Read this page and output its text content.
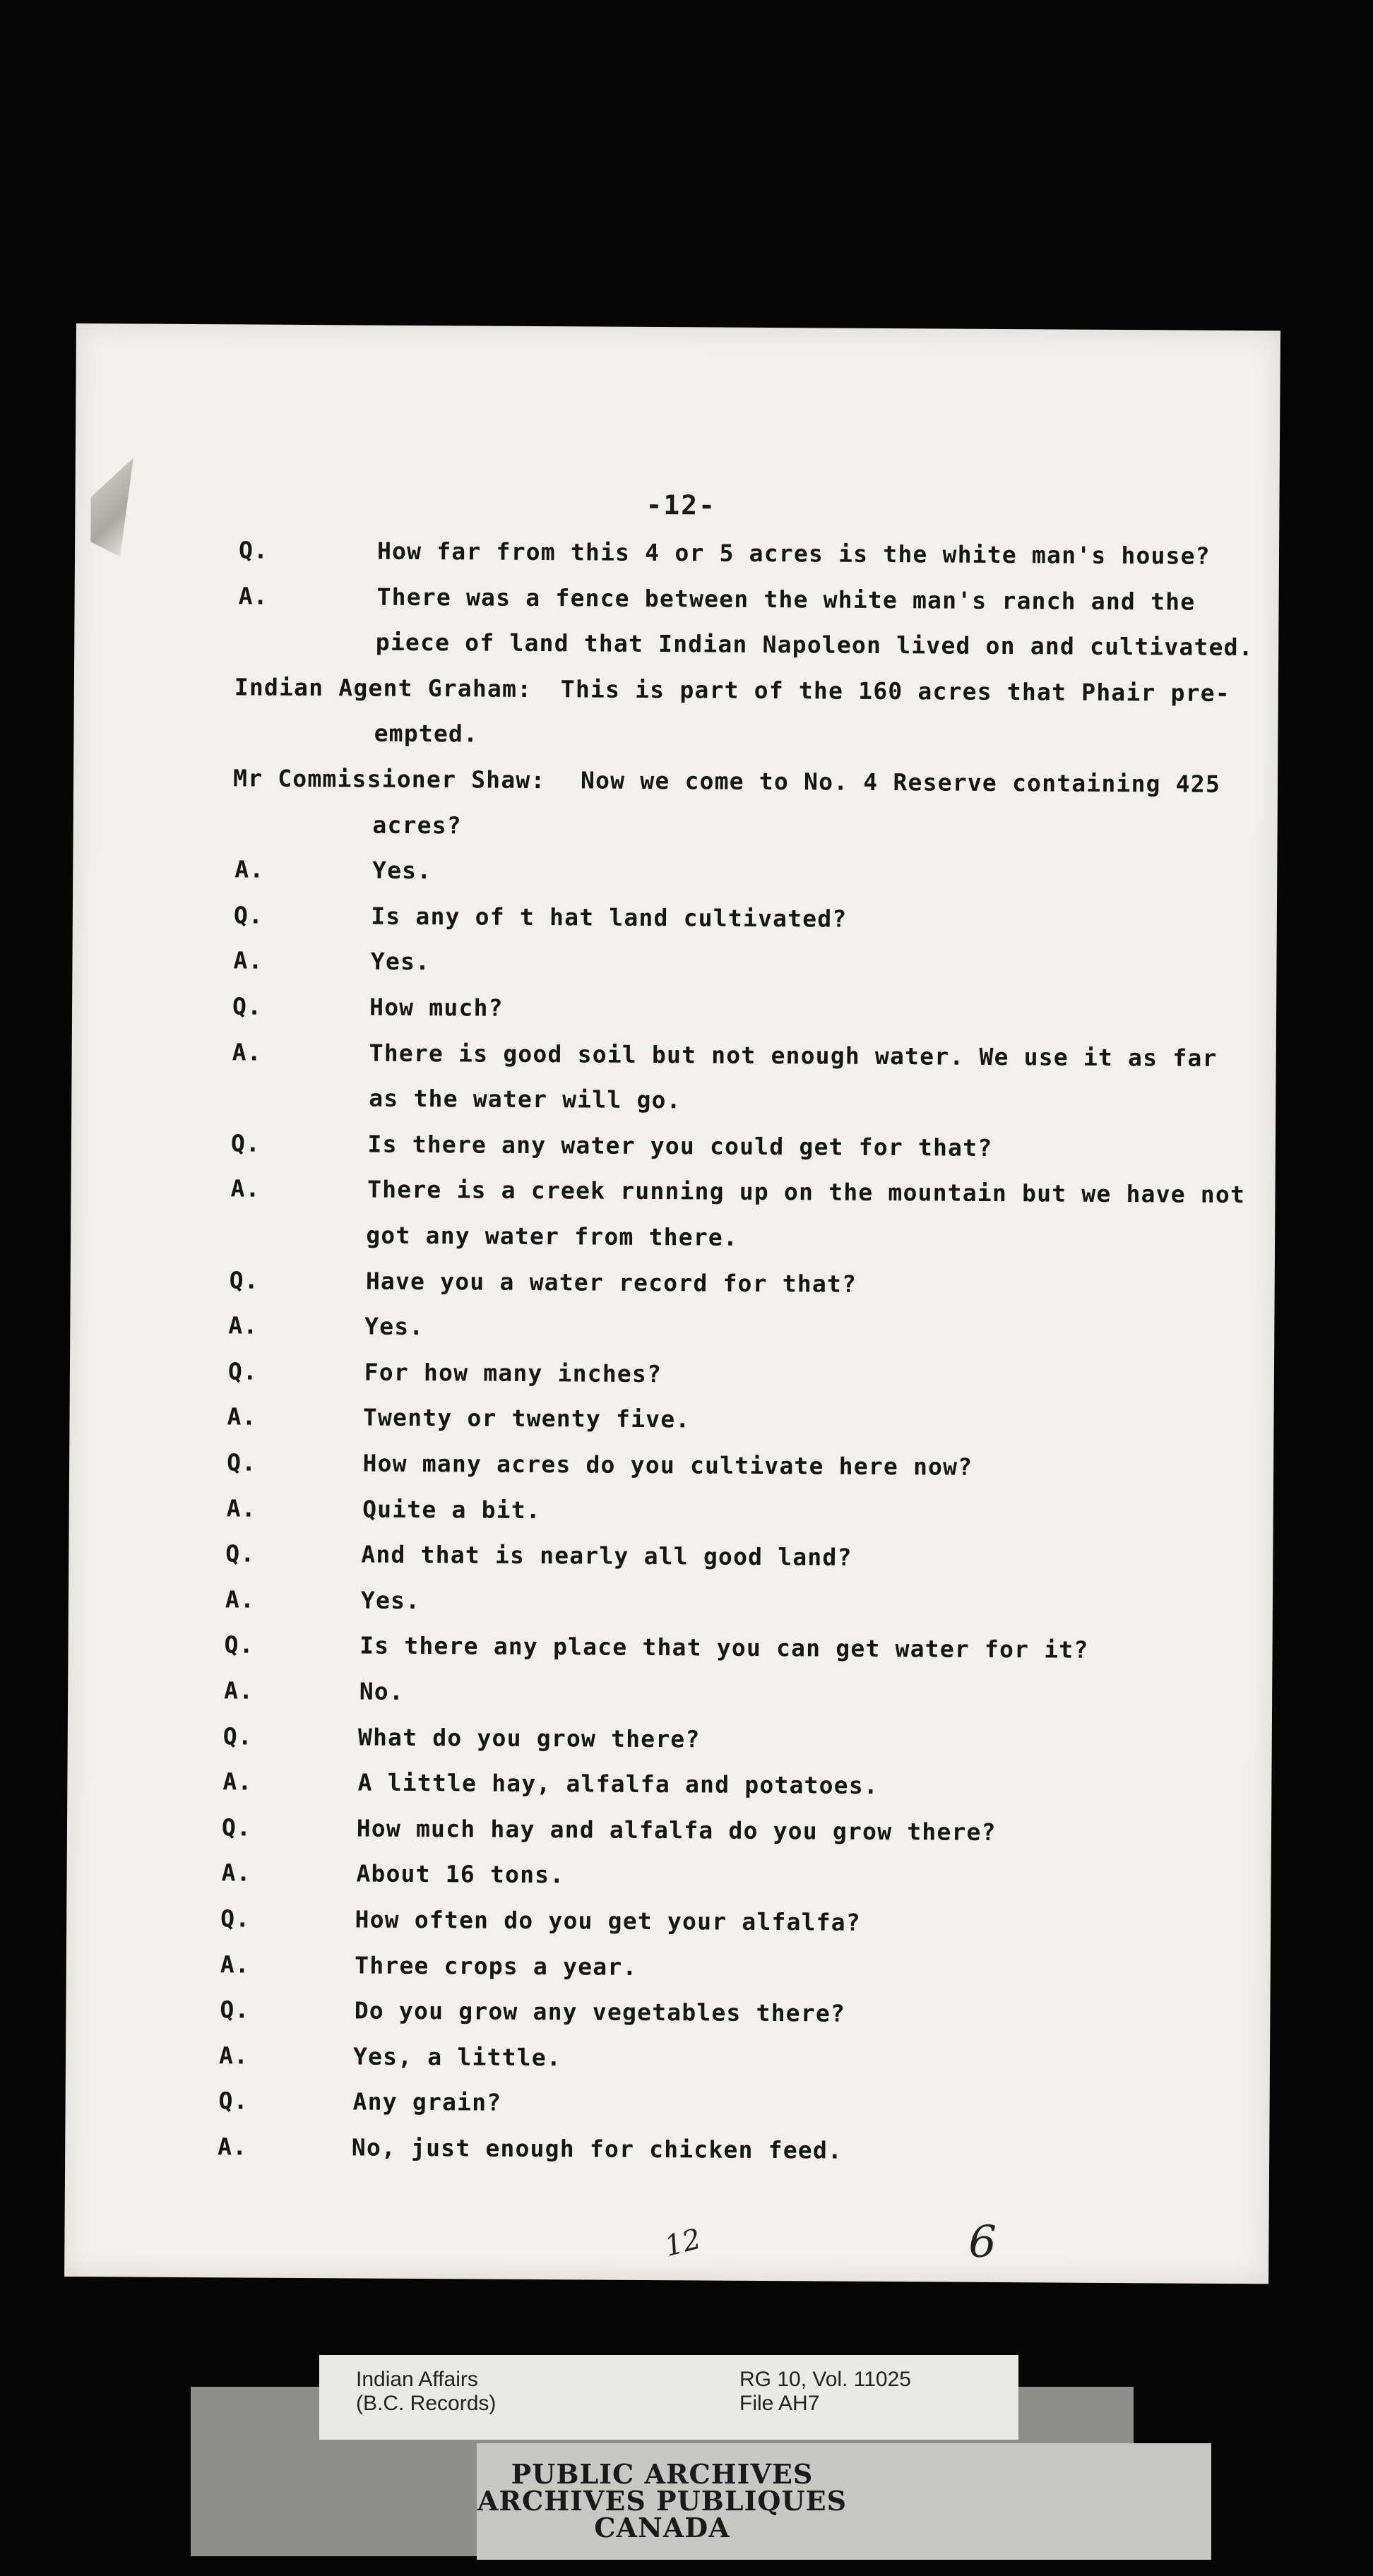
-12-
Q.	How far from this 4 or 5 acres is the white man's house?
A.	There was a fence between the white man's ranch and the
piece of land that Indian Napoleon lived on and cultivated.
Indian Agent Graham: This is part of the 160 acres that Phair pre-
empted.
Mr Commissioner Shaw: Now we come to No. 4 Reserve containing 425
acres?
A.	Yes.
Q.	Is any of t hat land cultivated?
A.	Yes.
Q.	How much?
A.	There is good soil but not enough water. We use it as far
as the water will go.
Q.	Is there any water you could get for that?
A.	There is a creek running up on the mountain but we have not
got any water from there.
Q.	Have you a water record for that?
A.	Yes.
Q.	For how many inches?
A.	Twenty or twenty five.
Q.	How many acres do you cultivate here now?
A.	Quite a bit.
Q.	And that is nearly all good land?
A.	Yes.
Q.	Is there any place that you can get water for it?
A.	No.
Q.	What do you grow there?
A.	A little hay, alfalfa and potatoes.
Q.	How much hay and alfalfa do you grow there?
A.	About 16 tons.
Q.	How often do you get your alfalfa?
A.	Three crops a year.
Q.	Do you grow any vegetables there?
A.	Yes, a little.
Q.	Any grain?
A.	No, just enough for chicken feed.
12	6
PUBLIC ARCHIVES
ARCHIVES PUBLIQUES
CANADA
Indian Affairs
(B.C. Records)
RG 10, Vol. 11025
File AH7
